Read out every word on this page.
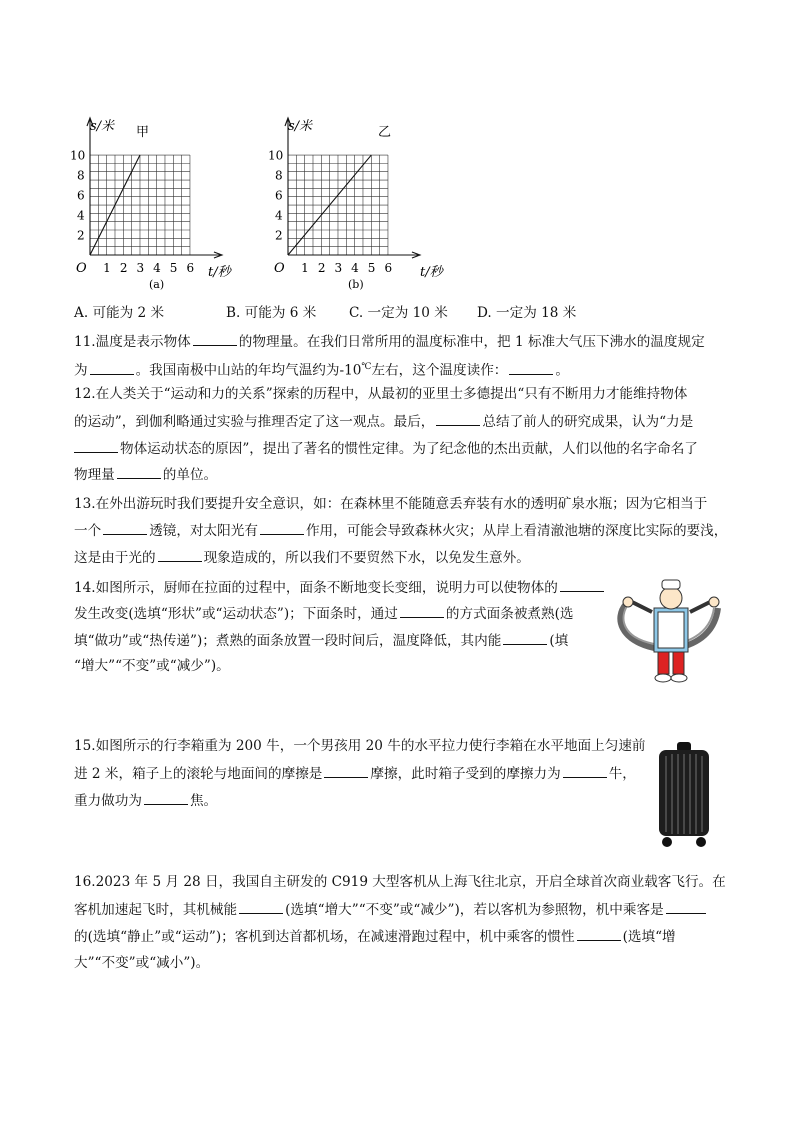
s/米 甲
O	t/秒
(a)
2
4
6
8
10
1 2 3 4 5 6
s/米	乙
O	t/秒
(b)
2
4
6
8
10
1 2 3 4 5 6
A. 可能为 2 米	B. 可能为 6 米 C. 一定为 10 米 D. 一定为 18 米
11.温度是表示物体	的物理量。在我们日常所用的温度标准中，把 1 标准大气压下沸水的温度规定
为	。我国南极中山站的年均气温约为-10℃左右，这个温度读作：	。
12.在人类关于“运动和力的关系”探索的历程中，从最初的亚里士多德提出“只有不断用力才能维持物体
的运动”，到伽利略通过实验与推理否定了这一观点。最后，	总结了前人的研究成果，认为“力是
物体运动状态的原因”，提出了著名的惯性定律。为了纪念他的杰出贡献，人们以他的名字命名了
物理量	的单位。
13.在外出游玩时我们要提升安全意识，如：在森林里不能随意丢弃装有水的透明矿泉水瓶；因为它相当于
一个	透镜，对太阳光有	作用，可能会导致森林火灾；从岸上看清澈池塘的深度比实际的要浅，
这是由于光的	现象造成的，所以我们不要贸然下水，以免发生意外。
14.如图所示，厨师在拉面的过程中，面条不断地变长变细，说明力可以使物体的
发生改变(选填“形状”或“运动状态”)；下面条时，通过	的方式面条被煮熟(选
填“做功”或“热传递”)；煮熟的面条放置一段时间后，温度降低，其内能	(填
“增大”“不变”或“减少”)。
15.如图所示的行李箱重为 200 牛，一个男孩用 20 牛的水平拉力使行李箱在水平地面上匀速前
进 2 米，箱子上的滚轮与地面间的摩擦是	摩擦，此时箱子受到的摩擦力为	牛，
重力做功为	焦。
16.2023 年 5 月 28 日，我国自主研发的 C919 大型客机从上海飞往北京，开启全球首次商业载客飞行。在
客机加速起飞时，其机械能	(选填“增大”“不变”或“减少”)，若以客机为参照物，机中乘客是
的(选填“静止”或“运动”)；客机到达首都机场，在减速滑跑过程中，机中乘客的惯性	(选填“增
大”“不变”或“减小”)。
